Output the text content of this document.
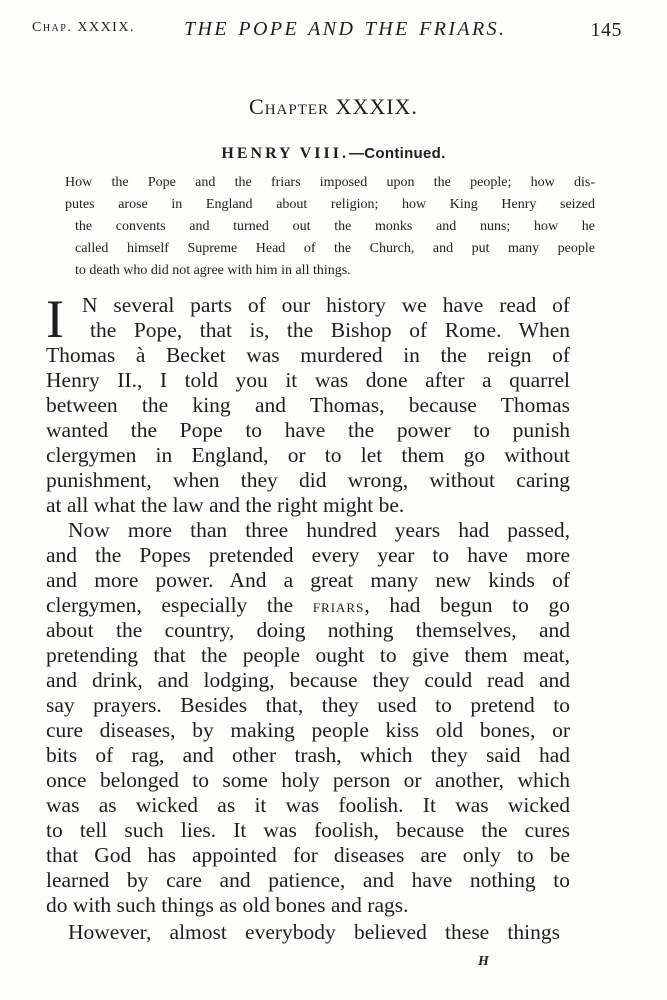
Chap. XXXIX. THE POPE AND THE FRIARS.	145
Chapter XXXIX.
HENRY VIII.—Continued.
How the Pope and the friars imposed upon the people; how dis-
putes arose in England about religion; how King Henry seized
the convents and turned out the monks and nuns; how he
called himself Supreme Head of the Church, and put many people
to death who did not agree with him in all things.
I N several parts of our history we have read of
the Pope, that is, the Bishop of Rome. When
Thomas à Becket was murdered in the reign of
Henry II., I told you it was done after a quarrel
between the king and Thomas, because Thomas
wanted the Pope to have the power to punish
clergymen in England, or to let them go without
punishment, when they did wrong, without caring
at all what the law and the right might be.
Now more than three hundred years had passed,
and the Popes pretended every year to have more
and more power. And a great many new kinds of
clergymen, especially the friars, had begun to go
about the country, doing nothing themselves, and
pretending that the people ought to give them meat,
and drink, and lodging, because they could read and
say prayers. Besides that, they used to pretend to
cure diseases, by making people kiss old bones, or
bits of rag, and other trash, which they said had
once belonged to some holy person or another, which
was as wicked as it was foolish. It was wicked
to tell such lies. It was foolish, because the cures
that God has appointed for diseases are only to be
learned by care and patience, and have nothing to
do with such things as old bones and rags.
However, almost everybody believed these things
H
